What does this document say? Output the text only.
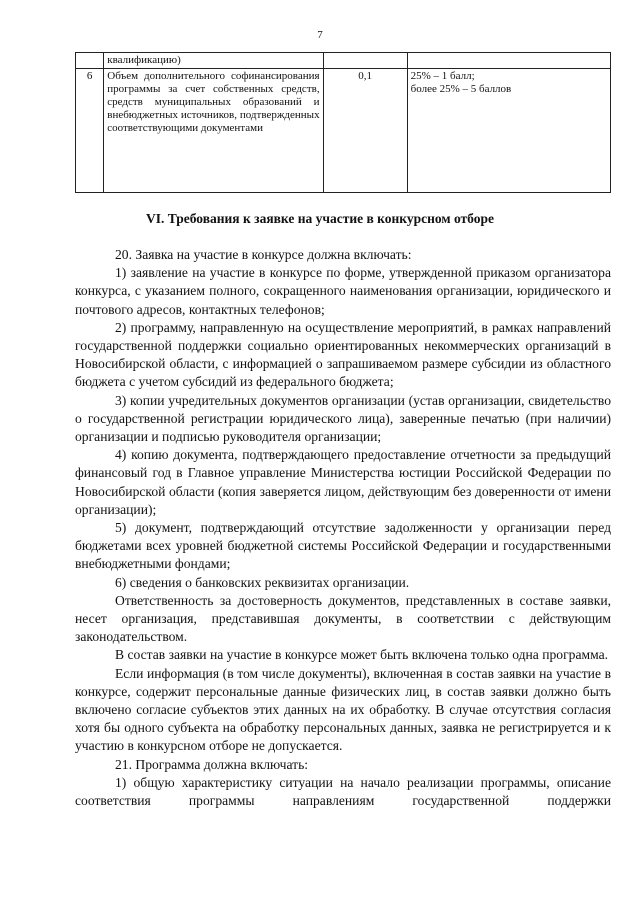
7
	квалификацию)		
6	Объем дополнительного софинансирования программы за счет собственных средств, средств муниципальных образований и внебюджетных источников, подтвержденных соответствующими документами	0,1	25% – 1 балл;
более 25% – 5 баллов
VI. Требования к заявке на участие в конкурсном отборе

20. Заявка на участие в конкурсе должна включать:

1) заявление на участие в конкурсе по форме, утвержденной приказом организатора конкурса, с указанием полного, сокращенного наименования организации, юридического и почтового адресов, контактных телефонов;

2) программу, направленную на осуществление мероприятий, в рамках направлений государственной поддержки социально ориентированных некоммерческих организаций в Новосибирской области, с информацией о запрашиваемом размере субсидии из областного бюджета с учетом субсидий из федерального бюджета;

3) копии учредительных документов организации (устав организации, свидетельство о государственной регистрации юридического лица), заверенные печатью (при наличии) организации и подписью руководителя организации;

4) копию документа, подтверждающего предоставление отчетности за предыдущий финансовый год в Главное управление Министерства юстиции Российской Федерации по Новосибирской области (копия заверяется лицом, действующим без доверенности от имени организации);

5) документ, подтверждающий отсутствие задолженности у организации перед бюджетами всех уровней бюджетной системы Российской Федерации и государственными внебюджетными фондами;

6) сведения о банковских реквизитах организации.

Ответственность за достоверность документов, представленных в составе заявки, несет организация, представившая документы, в соответствии с действующим законодательством.

В состав заявки на участие в конкурсе может быть включена только одна программа.

Если информация (в том числе документы), включенная в состав заявки на участие в конкурсе, содержит персональные данные физических лиц, в состав заявки должно быть включено согласие субъектов этих данных на их обработку. В случае отсутствия согласия хотя бы одного субъекта на обработку персональных данных, заявка не регистрируется и к участию в конкурсном отборе не допускается.

21. Программа должна включать:

1) общую характеристику ситуации на начало реализации программы, описание соответствия программы направлениям государственной поддержки
